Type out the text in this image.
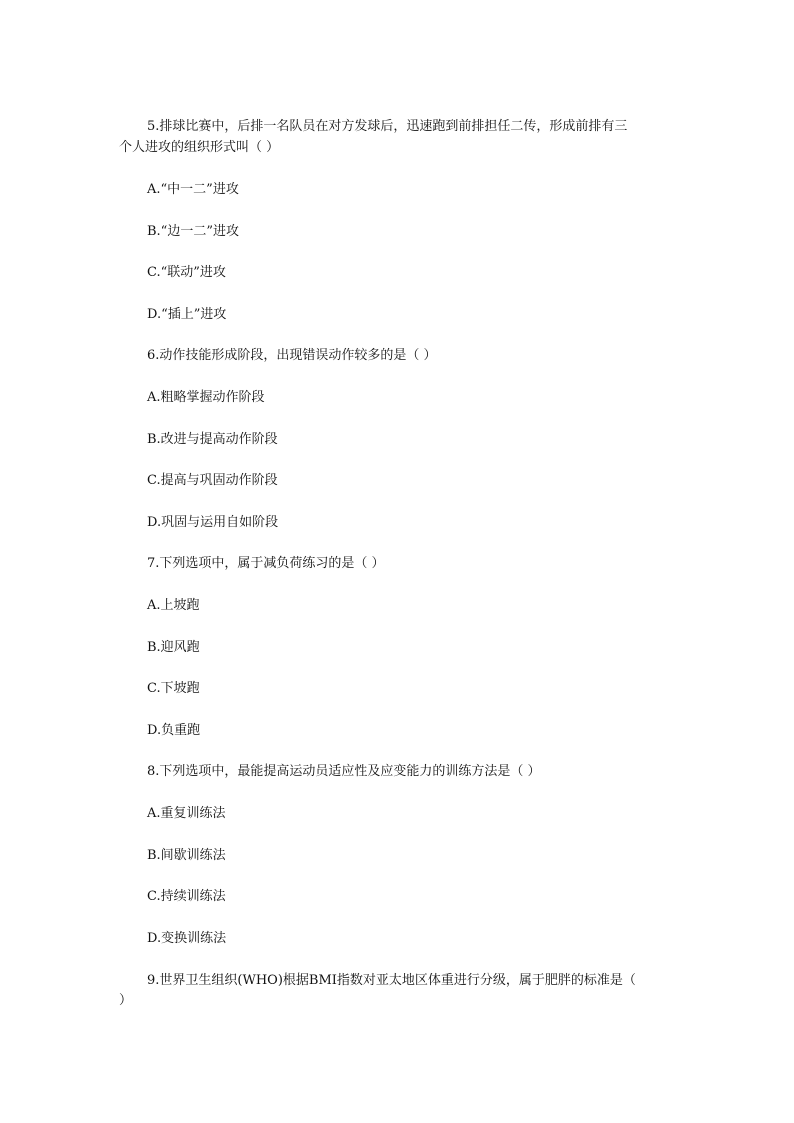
5.排球比赛中，后排一名队员在对方发球后，迅速跑到前排担任二传，形成前排有三
个人进攻的组织形式叫（ ）
A.“中一二”进攻
B.“边一二”进攻
C.“联动”进攻
D.“插上”进攻
6.动作技能形成阶段，出现错误动作较多的是（ ）
A.粗略掌握动作阶段
B.改进与提高动作阶段
C.提高与巩固动作阶段
D.巩固与运用自如阶段
7.下列选项中，属于减负荷练习的是（ ）
A.上坡跑
B.迎风跑
C.下坡跑
D.负重跑
8.下列选项中，最能提高运动员适应性及应变能力的训练方法是（ ）
A.重复训练法
B.间歇训练法
C.持续训练法
D.变换训练法
9.世界卫生组织(WHO)根据BMI指数对亚太地区体重进行分级，属于肥胖的标准是（
）
